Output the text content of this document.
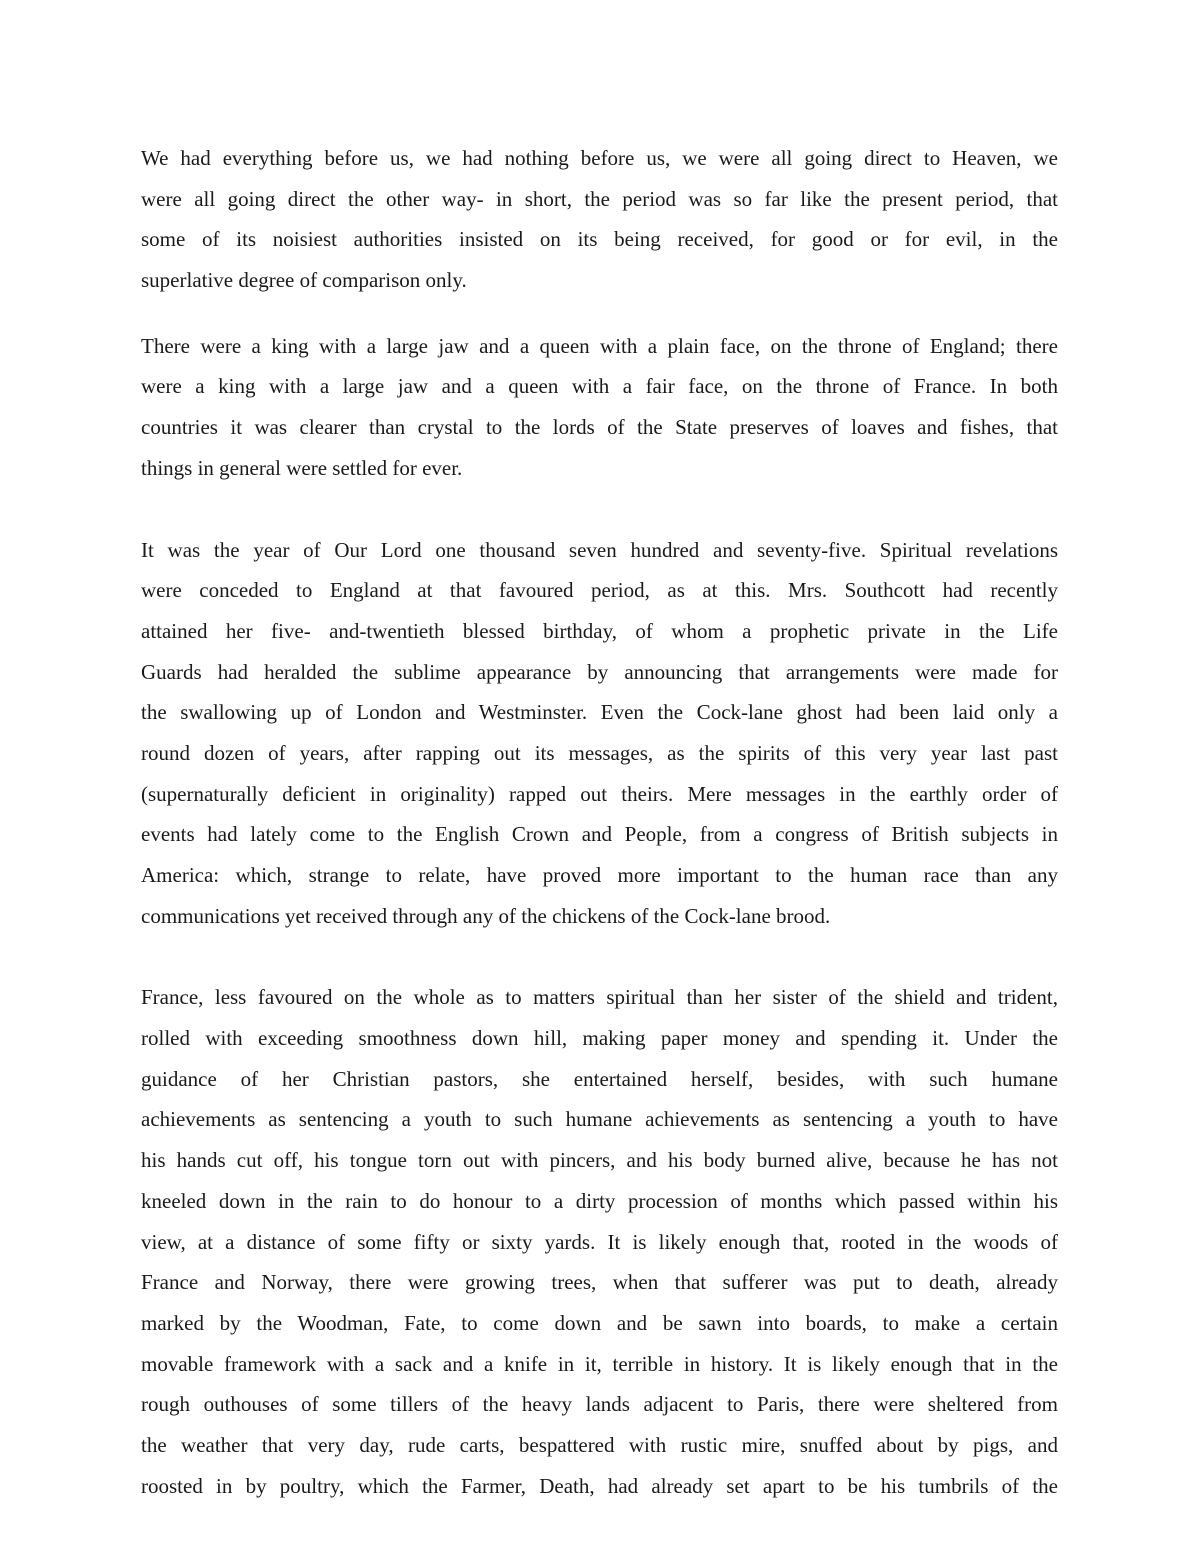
We had everything before us, we had nothing before us, we were all going direct to Heaven, we
were all going direct the other way- in short, the period was so far like the present period, that
some of its noisiest authorities insisted on its being received, for good or for evil, in the
superlative degree of comparison only.
There were a king with a large jaw and a queen with a plain face, on the throne of England; there
were a king with a large jaw and a queen with a fair face, on the throne of France. In both
countries it was clearer than crystal to the lords of the State preserves of loaves and fishes, that
things in general were settled for ever.
It was the year of Our Lord one thousand seven hundred and seventy-five. Spiritual revelations
were conceded to England at that favoured period, as at this. Mrs. Southcott had recently
attained her five- and-twentieth blessed birthday, of whom a prophetic private in the Life
Guards had heralded the sublime appearance by announcing that arrangements were made for
the swallowing up of London and Westminster. Even the Cock-lane ghost had been laid only a
round dozen of years, after rapping out its messages, as the spirits of this very year last past
(supernaturally deficient in originality) rapped out theirs. Mere messages in the earthly order of
events had lately come to the English Crown and People, from a congress of British subjects in
America: which, strange to relate, have proved more important to the human race than any
communications yet received through any of the chickens of the Cock-lane brood.
France, less favoured on the whole as to matters spiritual than her sister of the shield and trident,
rolled with exceeding smoothness down hill, making paper money and spending it. Under the
guidance of her Christian pastors, she entertained herself, besides, with such humane
achievements as sentencing a youth to such humane achievements as sentencing a youth to have
his hands cut off, his tongue torn out with pincers, and his body burned alive, because he has not
kneeled down in the rain to do honour to a dirty procession of months which passed within his
view, at a distance of some fifty or sixty yards. It is likely enough that, rooted in the woods of
France and Norway, there were growing trees, when that sufferer was put to death, already
marked by the Woodman, Fate, to come down and be sawn into boards, to make a certain
movable framework with a sack and a knife in it, terrible in history. It is likely enough that in the
rough outhouses of some tillers of the heavy lands adjacent to Paris, there were sheltered from
the weather that very day, rude carts, bespattered with rustic mire, snuffed about by pigs, and
roosted in by poultry, which the Farmer, Death, had already set apart to be his tumbrils of the
